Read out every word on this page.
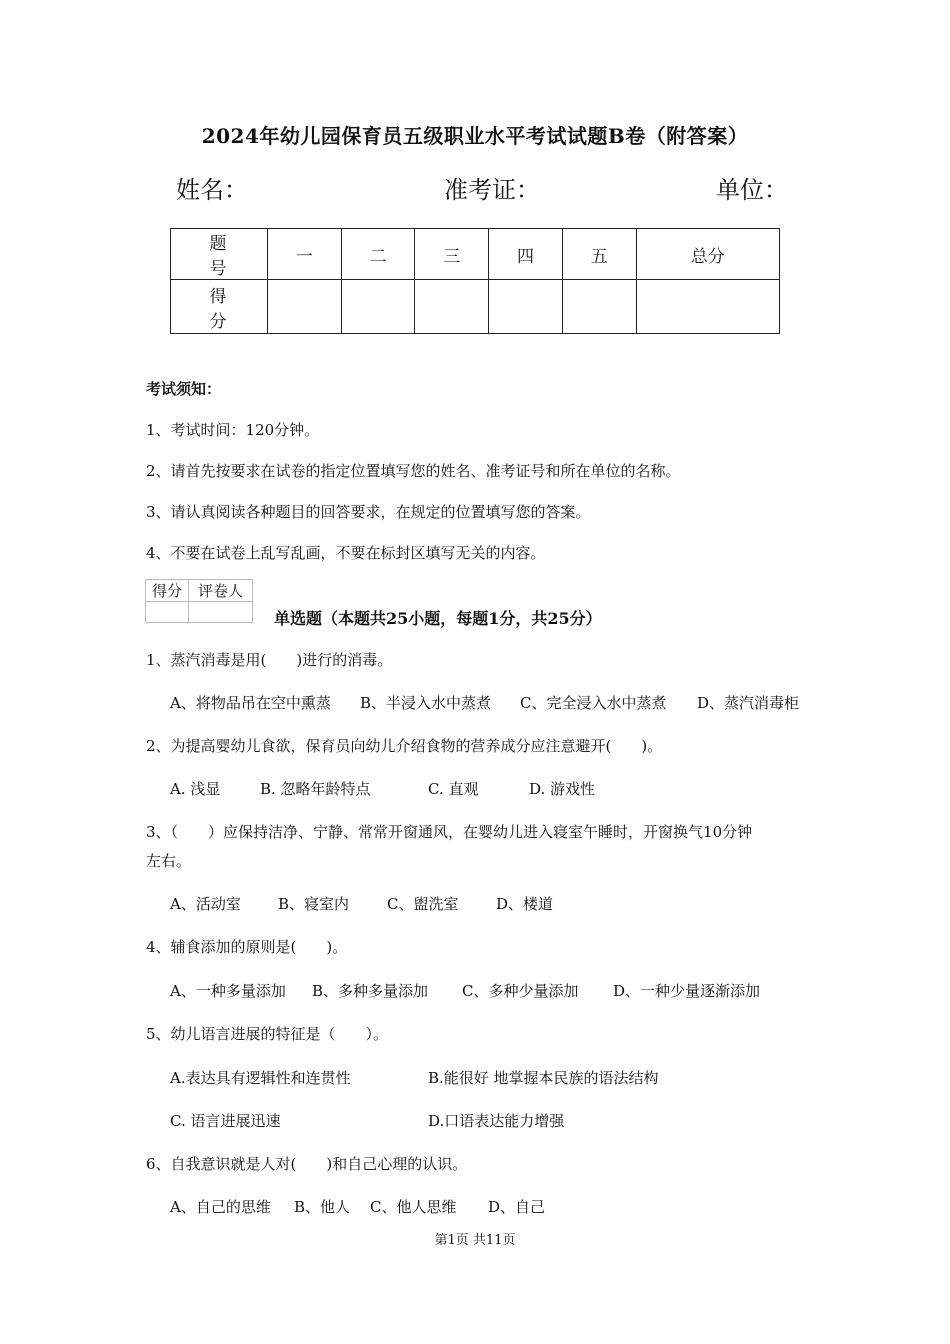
2024年幼儿园保育员五级职业水平考试试题B卷（附答案）
姓名：	准考证：	单位：
题　号	一	二	三	四	五	总分
得　分						
考试须知：
1、考试时间：120分钟。
2、请首先按要求在试卷的指定位置填写您的姓名、准考证号和所在单位的名称。
3、请认真阅读各种题目的回答要求，在规定的位置填写您的答案。
4、不要在试卷上乱写乱画，不要在标封区填写无关的内容。
得分	评卷人

单选题（本题共25小题，每题1分，共25分）
1、蒸汽消毒是用(　　)进行的消毒。
A、将物品吊在空中熏蒸 B、半浸入水中蒸煮 C、完全浸入水中蒸煮 D、蒸汽消毒柜
2、为提高婴幼儿食欲，保育员向幼儿介绍食物的营养成分应注意避开(　　)。
A. 浅显	B. 忽略年龄特点	C. 直观	D. 游戏性
3、（　　）应保持洁净、宁静、常常开窗通风，在婴幼儿进入寝室午睡时，开窗换气10分钟
左右。
A、活动室 B、寝室内	C、盥洗室	D、楼道
4、辅食添加的原则是(　　)。
A、一种多量添加 B、多种多量添加 C、多种少量添加 D、一种少量逐渐添加
5、幼儿语言进展的特征是（　　）。
A.表达具有逻辑性和连贯性	B.能很好 地掌握本民族的语法结构
C. 语言进展迅速	D.口语表达能力增强
6、自我意识就是人对(　　)和自己心理的认识。
A、自己的思维 B、他人 C、他人思维 D、自己
第1页 共11页
